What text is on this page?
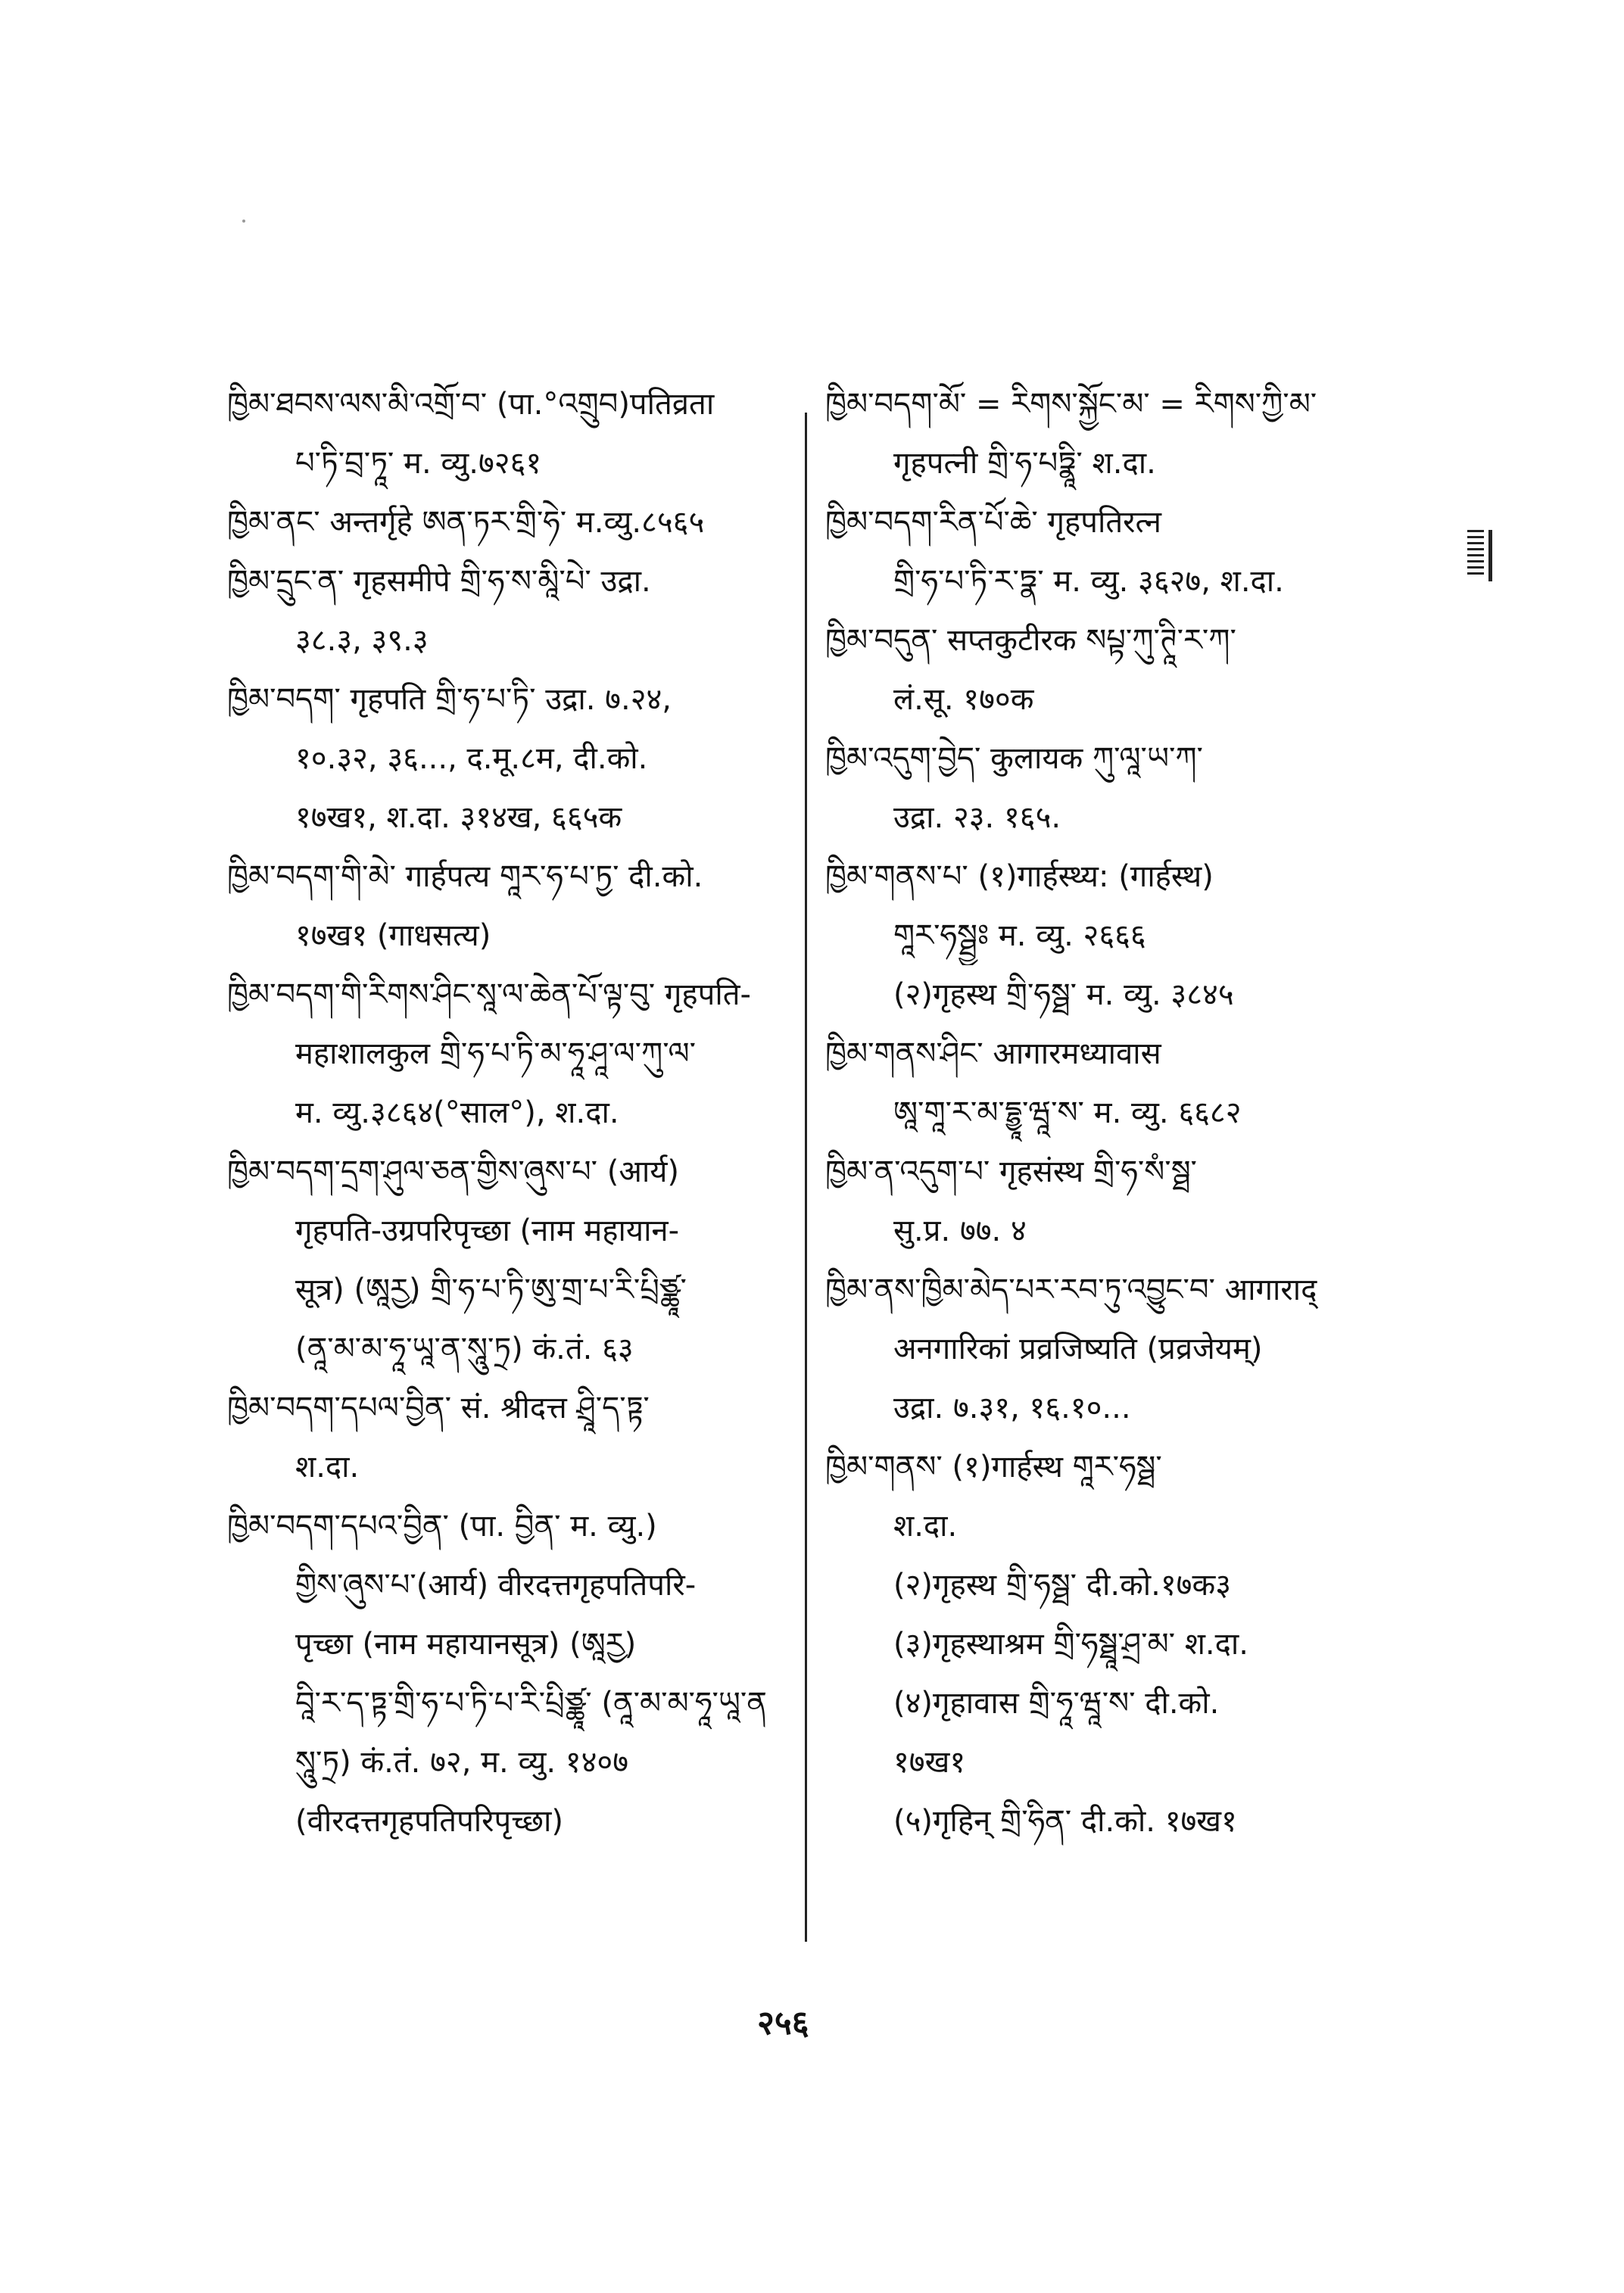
ཁྱིམ་ཐབས་ལས་མི་འགྲོ་བ་ (पा.°འགྲུབ)पतिव्रता
པ་ཏི་བྲ་ཏཱ་ म. व्यु.७२६१
ཁྱིམ་ནང་ अन्तर्गृहे ཨན་ཏར་གྲི་ཧེ་ म.व्यु.८५६५
ཁྱིམ་དྲུང་ན་ गृहसमीपे གྲི་ཧ་ས་མཱི་པེ་ उद्रा.
३८.३, ३९.३
ཁྱིམ་བདག་ गृहपति གྲི་ཧ་པ་ཏི་ उद्रा. ७.२४,
१०.३२, ३६..., द.मू.८म, दी.को.
१७ख१, श.दा. ३१४ख, ६६५क
ཁྱིམ་བདག་གི་མེ་ गार्हपत्य གཱར་ཧ་པ་ཏྱ་ दी.को.
१७ख१ (गाधसत्य)
ཁྱིམ་བདག་གི་རིགས་ཤིང་སཱ་ལ་ཆེན་པོ་ལྟ་བུ་ गृहपति-
महाशालकुल གྲི་ཧ་པ་ཏི་མ་ཧཱ་ཤཱ་ལ་ཀུ་ལ་
म. व्यु.३८६४(°साल°), श.दा.
ཁྱིམ་བདག་དྲག་ཤུལ་ཅན་གྱིས་ཞུས་པ་ (आर्य)
गृहपति-उग्रपरिपृच्छा (नाम महायान-
सूत्र) (ཨཱརྱ) གྲི་ཧ་པ་ཏི་ཨུ་གྲ་པ་རི་པྲིཙྪཱ་
(ནཱ་མ་མ་ཧཱ་ཡཱ་ན་སཱུ་ཏྲ) कं.तं. ६३
ཁྱིམ་བདག་དཔལ་བྱིན་ सं. श्रीदत्त ཤྲཱི་ད་ཏྟ་
श.दा.
ཁྱིམ་བདག་དཔའ་བྱིན་ (पा. བྱིན་ म. व्यु.)
གྱིས་ཞུས་པ་(आर्य) वीरदत्तगृहपतिपरि-
पृच्छा (नाम महायानसूत्र) (ཨཱརྱ)
བཱི་ར་ད་ཏྟ་གྲི་ཧ་པ་ཏི་པ་རི་པྲིཙྪཱ་ (ནཱ་མ་མ་ཧཱ་ཡཱ་ན
སཱུ་ཏྲ) कं.तं. ७२, म. व्यु. १४०७
(वीरदत्तगृहपतिपरिपृच्छा)
ཁྱིམ་བདག་མོ་ = རིགས་སྐྱོང་མ་ = རིགས་ཀྱི་མ་
गृहपत्नी གྲི་ཧ་པཏྣཱི་ श.दा.
ཁྱིམ་བདག་རིན་པོ་ཆེ་ गृहपतिरत्न
གྲི་ཧ་པ་ཏི་ར་ཏྣ་ म. व्यु. ३६२७, श.दा.
ཁྱིམ་བདུན་ सप्तकुटीरक སཔྟ་ཀུ་ཊཱི་ར་ཀ་
लं.सू. १७०क
ཁྱིམ་འདུག་བྱེད་ कुलायक ཀུ་ལཱ་ཡ་ཀ་
उद्रा. २३. १६५.
ཁྱིམ་གནས་པ་ (१)गार्हस्थ्य: (गार्हस्थ)
གཱར་ཧསྠྱཿ म. व्यु. २६६६
(२)गृहस्थ གྲི་ཧསྠ་ म. व्यु. ३८४५
ཁྱིམ་གནས་ཤིང་ आगारमध्यावास
ཨཱ་གཱ་ར་མ་དྷྱཱ་ཝཱ་ས་ म. व्यु. ६६८२
ཁྱིམ་ན་འདུག་པ་ गृहसंस्थ གྲི་ཧ་སཾ་སྠ་
सु.प्र. ७७. ४
ཁྱིམ་ནས་ཁྱིམ་མེད་པར་རབ་ཏུ་འབྱུང་བ་ आगाराद्
अनगारिकां प्रव्रजिष्यति (प्रव्रजेयम्)
उद्रा. ७.३१, १६.१०...
ཁྱིམ་གནས་ (१)गार्हस्थ གཱར་ཧསྠ་
श.दा.
(२)गृहस्थ གྲི་ཧསྠ་ दी.को.१७क३
(३)गृहस्थाश्रम གྲི་ཧསྠཱ་ཤྲ་མ་ श.दा.
(४)गृहावास གྲི་ཧཱ་ཝཱ་ས་ दी.को.
१७ख१
(५)गृहिन् གྲི་ཧིན་ दी.को. १७ख१
२५६
